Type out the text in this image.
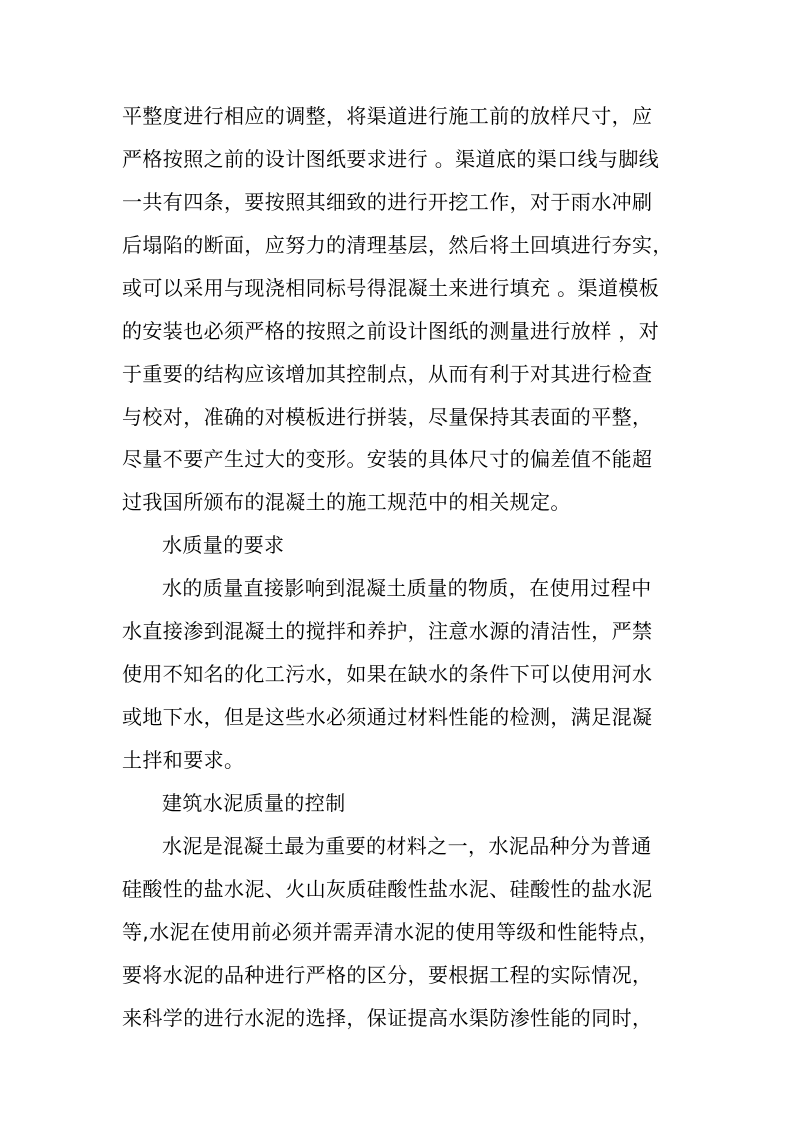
平整度进行相应的调整，将渠道进行施工前的放样尺寸，应
严格按照之前的设计图纸要求进行 。渠道底的渠口线与脚线
一共有四条，要按照其细致的进行开挖工作，对于雨水冲刷
后塌陷的断面，应努力的清理基层，然后将土回填进行夯实，
或可以采用与现浇相同标号得混凝土来进行填充 。渠道模板
的安装也必须严格的按照之前设计图纸的测量进行放样 ，对
于重要的结构应该增加其控制点，从而有利于对其进行检查
与校对，准确的对模板进行拼装，尽量保持其表面的平整，
尽量不要产生过大的变形。安装的具体尺寸的偏差值不能超
过我国所颁布的混凝土的施工规范中的相关规定。
水质量的要求
水的质量直接影响到混凝土质量的物质，在使用过程中
水直接渗到混凝土的搅拌和养护，注意水源的清洁性，严禁
使用不知名的化工污水，如果在缺水的条件下可以使用河水
或地下水，但是这些水必须通过材料性能的检测，满足混凝
土拌和要求。
建筑水泥质量的控制
水泥是混凝土最为重要的材料之一，水泥品种分为普通
硅酸性的盐水泥、火山灰质硅酸性盐水泥、硅酸性的盐水泥
等,水泥在使用前必须并需弄清水泥的使用等级和性能特点，
要将水泥的品种进行严格的区分，要根据工程的实际情况，
来科学的进行水泥的选择，保证提高水渠防渗性能的同时，
